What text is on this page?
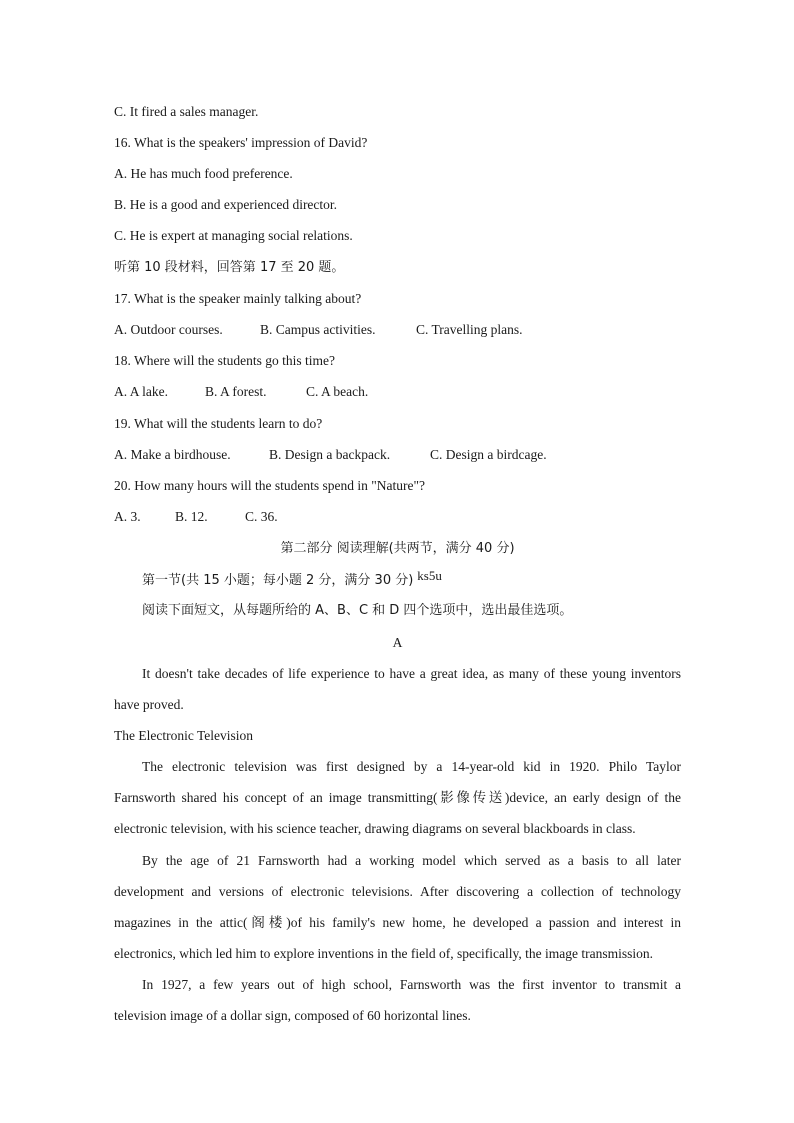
C. It fired a sales manager.
16. What is the speakers' impression of David?
A. He has much food preference.
B. He is a good and experienced director.
C. He is expert at managing social relations.
听第 10 段材料，回答第 17 至 20 题。
17. What is the speaker mainly talking about?
A. Outdoor courses.	B. Campus activities.	C. Travelling plans.
18. Where will the students go this time?
A. A lake.	B. A forest.	C. A beach.
19. What will the students learn to do?
A. Make a birdhouse.	B. Design a backpack.	C. Design a birdcage.
20. How many hours will the students spend in "Nature"?
A. 3.	B. 12.	C. 36.
第二部分 阅读理解(共两节，满分 40 分)
第一节(共 15 小题；每小题 2 分，满分 30 分) ks5u
阅读下面短文，从每题所给的 A、B、C 和 D 四个选项中，选出最佳选项。
A
It doesn't take decades of life experience to have a great idea, as many of these young inventors
have proved.
The Electronic Television
The electronic television was first designed by a 14-year-old kid in 1920. Philo Taylor
Farnsworth shared his concept of an image transmitting(影像传送)device, an early design of the
electronic television, with his science teacher, drawing diagrams on several blackboards in class.
By the age of 21 Farnsworth had a working model which served as a basis to all later
development and versions of electronic televisions. After discovering a collection of technology
magazines in the attic(阁楼)of his family's new home, he developed a passion and interest in
electronics, which led him to explore inventions in the field of, specifically, the image transmission.
In 1927, a few years out of high school, Farnsworth was the first inventor to transmit a
television image of a dollar sign, composed of 60 horizontal lines.
